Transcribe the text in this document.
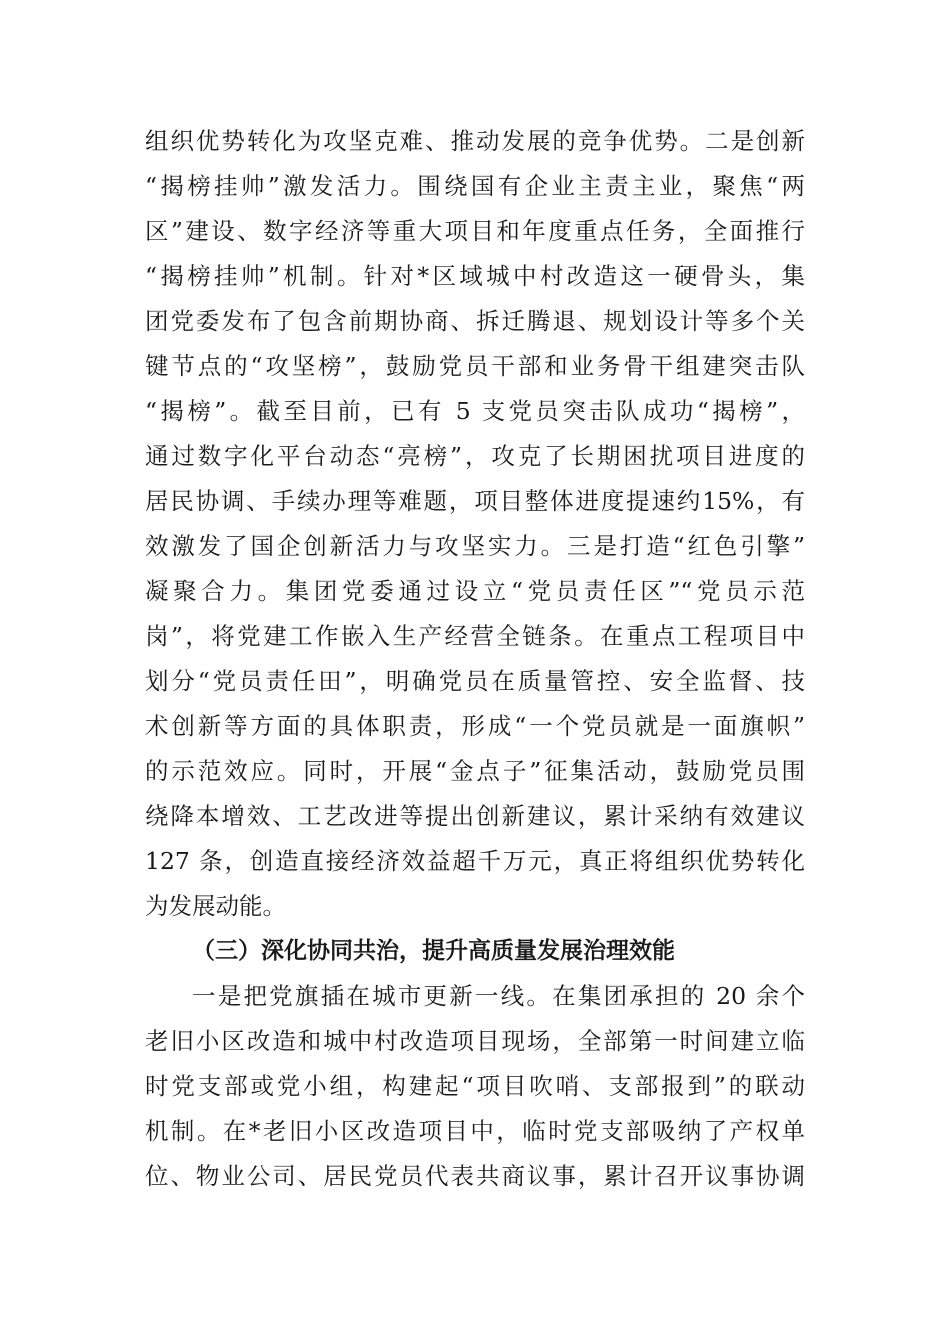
组织优势转化为攻坚克难、推动发展的竞争优势。二是创新
“揭榜挂帅”激发活力。围绕国有企业主责主业，聚焦“两
区”建设、数字经济等重大项目和年度重点任务，全面推行
“揭榜挂帅”机制。针对*区域城中村改造这一硬骨头，集
团党委发布了包含前期协商、拆迁腾退、规划设计等多个关
键节点的“攻坚榜”，鼓励党员干部和业务骨干组建突击队
“揭榜”。截至目前，已有 5 支党员突击队成功“揭榜”，
通过数字化平台动态“亮榜”，攻克了长期困扰项目进度的
居民协调、手续办理等难题，项目整体进度提速约15%，有
效激发了国企创新活力与攻坚实力。三是打造“红色引擎”
凝聚合力。集团党委通过设立“党员责任区”“党员示范
岗”，将党建工作嵌入生产经营全链条。在重点工程项目中
划分“党员责任田”，明确党员在质量管控、安全监督、技
术创新等方面的具体职责，形成“一个党员就是一面旗帜”
的示范效应。同时，开展“金点子”征集活动，鼓励党员围
绕降本增效、工艺改进等提出创新建议，累计采纳有效建议
127 条，创造直接经济效益超千万元，真正将组织优势转化
为发展动能。
（三）深化协同共治，提升高质量发展治理效能
一是把党旗插在城市更新一线。在集团承担的 20 余个
老旧小区改造和城中村改造项目现场，全部第一时间建立临
时党支部或党小组，构建起“项目吹哨、支部报到”的联动
机制。在*老旧小区改造项目中，临时党支部吸纳了产权单
位、物业公司、居民党员代表共商议事，累计召开议事协调
